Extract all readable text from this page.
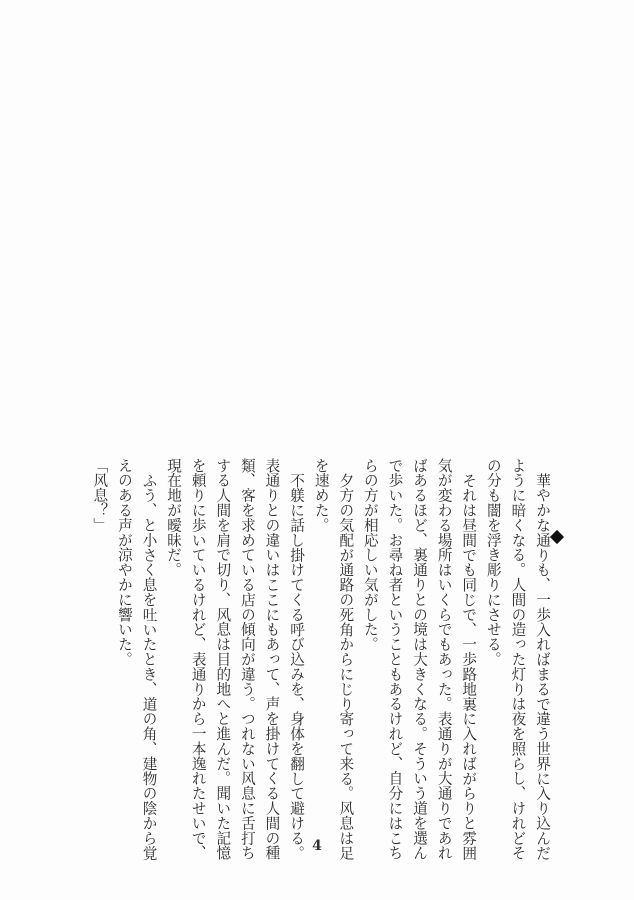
華やかな通りも、一歩入ればまるで違う世界に入り込んだ
ように暗くなる。人間の造った灯りは夜を照らし、けれどそ
の分も闇を浮き彫りにさせる。
それは昼間でも同じで、一歩路地裏に入ればがらりと雰囲
気が変わる場所はいくらでもあった。表通りが大通りであれ
ばあるほど、裏通りとの境は大きくなる。そういう道を選ん
で歩いた。お尋ね者ということもあるけれど、自分にはこち
らの方が相応しい気がした。
夕方の気配が通路の死角からにじり寄って来る。风息は足
を速めた。
不躾に話し掛けてくる呼び込みを、身体を翻して避ける。
表通りとの違いはここにもあって、声を掛けてくる人間の種
類、客を求めている店の傾向が違う。つれない风息に舌打ち
する人間を肩で切り、风息は目的地へと進んだ。聞いた記憶
を頼りに歩いているけれど、表通りから一本逸れたせいで、
現在地が曖昧だ。
ふう、と小さく息を吐いたとき、道の角、建物の陰から覚
えのある声が涼やかに響いた。
「风息？」
4
